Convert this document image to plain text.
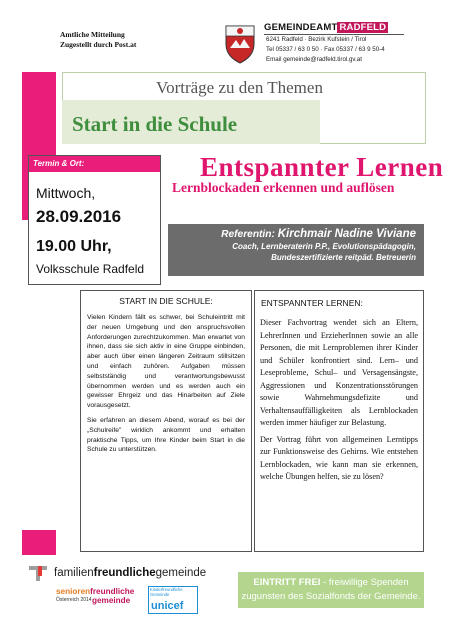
Amtliche Mitteilung
Zugestellt durch Post.at
GEMEINDEAMT RADFELD
6241 Radfeld · Bezirk Kufstein / Tirol
Tel 05337 / 63 0 50 · Fax 05337 / 63 9 50-4
Email gemeinde@radfeld.tirol.gv.at
Vorträge zu den Themen
Start in die Schule
Termin & Ort:
Mittwoch,
28.09.2016
19.00 Uhr,
Volksschule Radfeld
Entspannter Lernen
Lernblockaden erkennen und auflösen
Referentin: Kirchmair Nadine Viviane
Coach, Lernberaterin P.P., Evolutionspädagogin,
Bundeszertifizierte reitpäd. Betreuerin
START IN DIE SCHULE:

Vielen Kindern fällt es schwer, bei Schuleintritt mit der neuen Umgebung und den anspruchsvollen Anforderungen zurechtzukommen. Man erwartet von ihnen, dass sie sich aktiv in eine Gruppe einbinden, aber auch über einen längeren Zeitraum stillsitzen und einfach zuhören. Aufgaben müssen selbstständig und verantwortungsbewusst übernommen werden und es werden auch ein gewisser Ehrgeiz und das Hinarbeiten auf Ziele vorausgesetzt.

Sie erfahren an diesem Abend, worauf es bei der „Schulreife" wirklich ankommt und erhalten praktische Tipps, um Ihre Kinder beim Start in die Schule zu unterstützen.

ENTSPANNTER LERNEN:

Dieser Fachvortrag wendet sich an Eltern, LehrerInnen und ErzieherInnen sowie an alle Personen, die mit Lernproblemen ihrer Kinder und Schüler konfrontiert sind. Lern– und Leseprobleme, Schul– und Versagensängste, Aggressionen und Konzentrationsstörungen sowie Wahrnehmungsdefizite und Verhaltensauffälligkeiten als Lernblockaden werden immer häufiger zur Belastung.

Der Vortrag führt von allgemeinen Lerntipps zur Funktionsweise des Gehirns. Wie entstehen Lernblockaden, wie kann man sie erkennen, welche Übungen helfen, sie zu lösen?

familienfreundlichegemeinde
seniorenfreundliche

Österreich 2014 gemeinde
Kinderfreundliche Gemeinde
unicef
EINTRITT FREI - freiwillige Spenden
zugunsten des Sozialfonds der Gemeinde.
